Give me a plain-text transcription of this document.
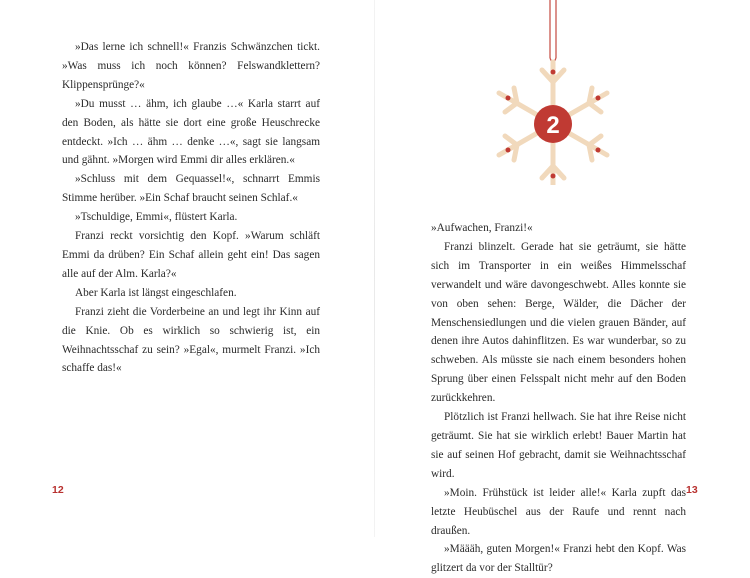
»Das lerne ich schnell!« Franzis Schwänzchen tickt. »Was muss ich noch können? Felswandklettern? Klippensprünge?«

»Du musst … ähm, ich glaube …« Karla starrt auf den Boden, als hätte sie dort eine große Heuschrecke entdeckt. »Ich … ähm … denke …«, sagt sie langsam und gähnt. »Morgen wird Emmi dir alles erklären.«

»Schluss mit dem Gequassel!«, schnarrt Emmis Stimme herüber. »Ein Schaf braucht seinen Schlaf.«

»Tschuldige, Emmi«, flüstert Karla.

Franzi reckt vorsichtig den Kopf. »Warum schläft Emmi da drüben? Ein Schaf allein geht ein! Das sagen alle auf der Alm. Karla?«

Aber Karla ist längst eingeschlafen.

Franzi zieht die Vorderbeine an und legt ihr Kinn auf die Knie. Ob es wirklich so schwierig ist, ein Weihnachtsschaf zu sein? »Egal«, murmelt Franzi. »Ich schaffe das!«

2

»Aufwachen, Franzi!«

Franzi blinzelt. Gerade hat sie geträumt, sie hätte sich im Transporter in ein weißes Himmelsschaf verwandelt und wäre davongeschwebt. Alles konnte sie von oben sehen: Berge, Wälder, die Dächer der Menschensiedlungen und die vielen grauen Bänder, auf denen ihre Autos dahinflitzen. Es war wunderbar, so zu schweben. Als müsste sie nach einem besonders hohen Sprung über einen Felsspalt nicht mehr auf den Boden zurückkehren.

Plötzlich ist Franzi hellwach. Sie hat ihre Reise nicht geträumt. Sie hat sie wirklich erlebt! Bauer Martin hat sie auf seinen Hof gebracht, damit sie Weihnachtsschaf wird.

»Moin. Frühstück ist leider alle!« Karla zupft das letzte Heubüschel aus der Raufe und rennt nach draußen.

»Määäh, guten Morgen!« Franzi hebt den Kopf. Was glitzert da vor der Stalltür?

12	13
